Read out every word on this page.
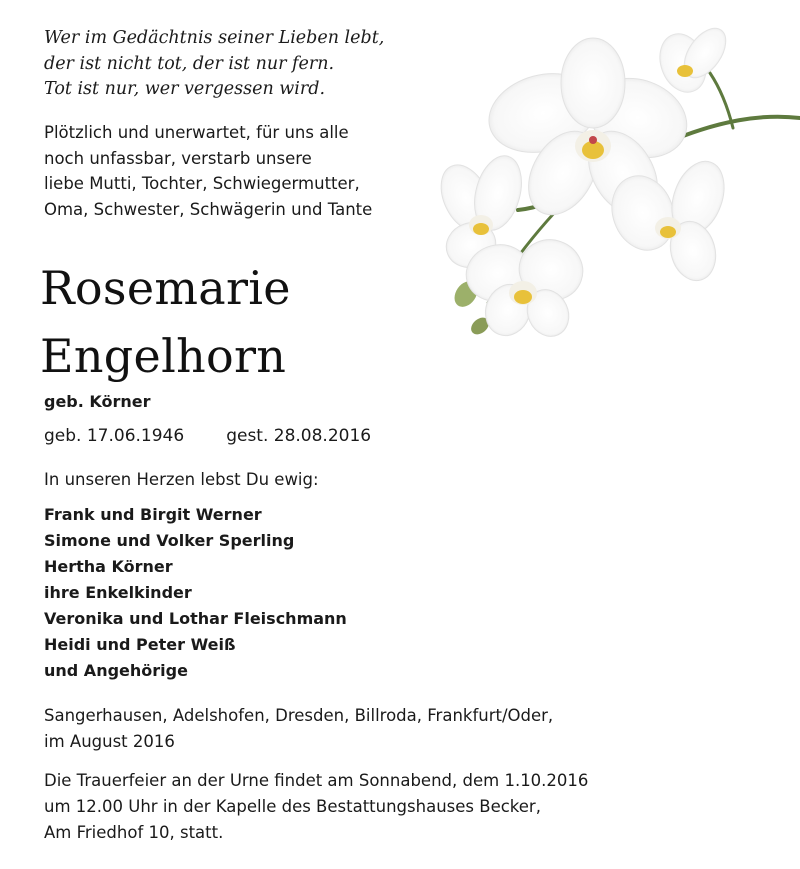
Wer im Gedächtnis seiner Lieben lebt,
der ist nicht tot, der ist nur fern.
Tot ist nur, wer vergessen wird.
Plötzlich und unerwartet, für uns alle
noch unfassbar, verstarb unsere
liebe Mutti, Tochter, Schwiegermutter,
Oma, Schwester, Schwägerin und Tante
Rosemarie
Engelhorn
geb. Körner
geb. 17.06.1946 gest. 28.08.2016
In unseren Herzen lebst Du ewig:
Frank und Birgit Werner
Simone und Volker Sperling
Hertha Körner
ihre Enkelkinder
Veronika und Lothar Fleischmann
Heidi und Peter Weiß
und Angehörige
Sangerhausen, Adelshofen, Dresden, Billroda, Frankfurt/Oder,
im August 2016
Die Trauerfeier an der Urne findet am Sonnabend, dem 1.10.2016
um 12.00 Uhr in der Kapelle des Bestattungshauses Becker,
Am Friedhof 10, statt.
